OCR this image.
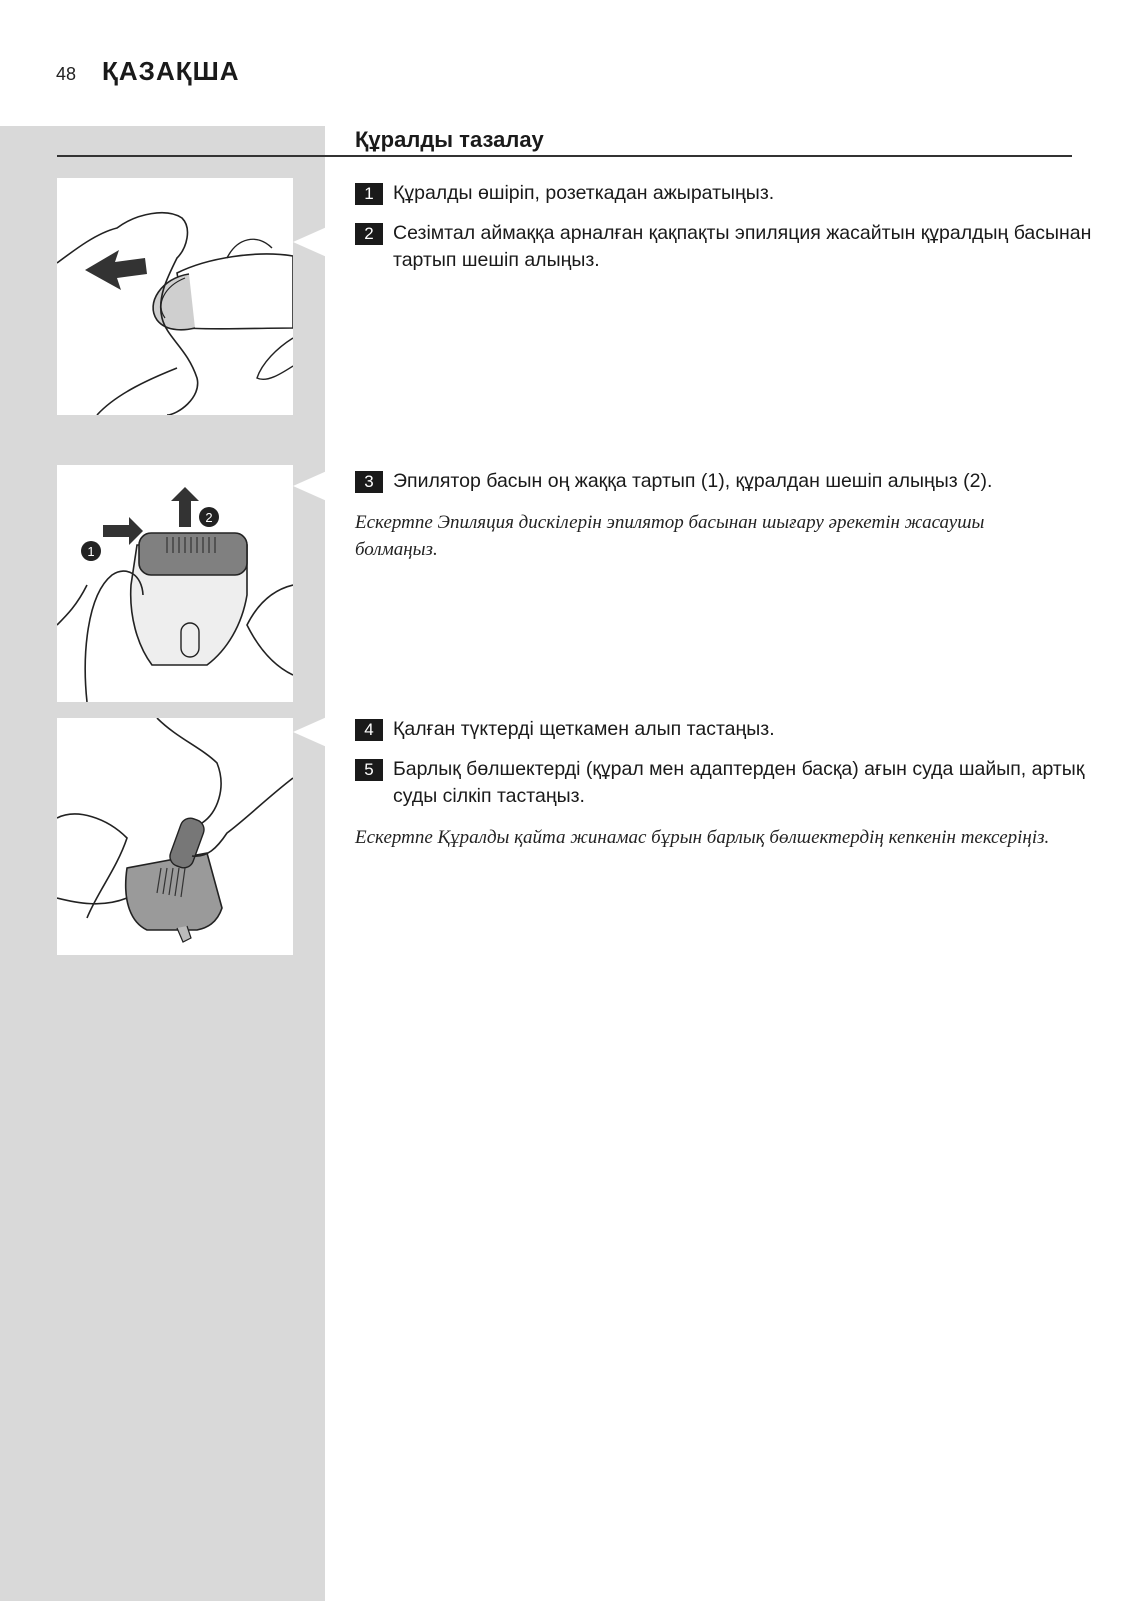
48 ҚАЗАҚША
Құралды тазалау
1
2
1 Құралды өшіріп, розеткадан ажыратыңыз.
2 Сезімтал аймаққа арналған қақпақты эпиляция жасайтын құралдың басынан тартып шешіп алыңыз.
3 Эпилятор басын оң жаққа тартып (1), құралдан шешіп алыңыз (2).
Ескертпе Эпиляция дискілерін эпилятор басынан шығару әрекетін жасаушы болмаңыз.
4 Қалған түктерді щеткамен алып тастаңыз.
5 Барлық бөлшектерді (құрал мен адаптерден басқа) ағын суда шайып, артық суды сілкіп тастаңыз.
Ескертпе Құралды қайта жинамас бұрын барлық бөлшектердің кепкенін тексеріңіз.
